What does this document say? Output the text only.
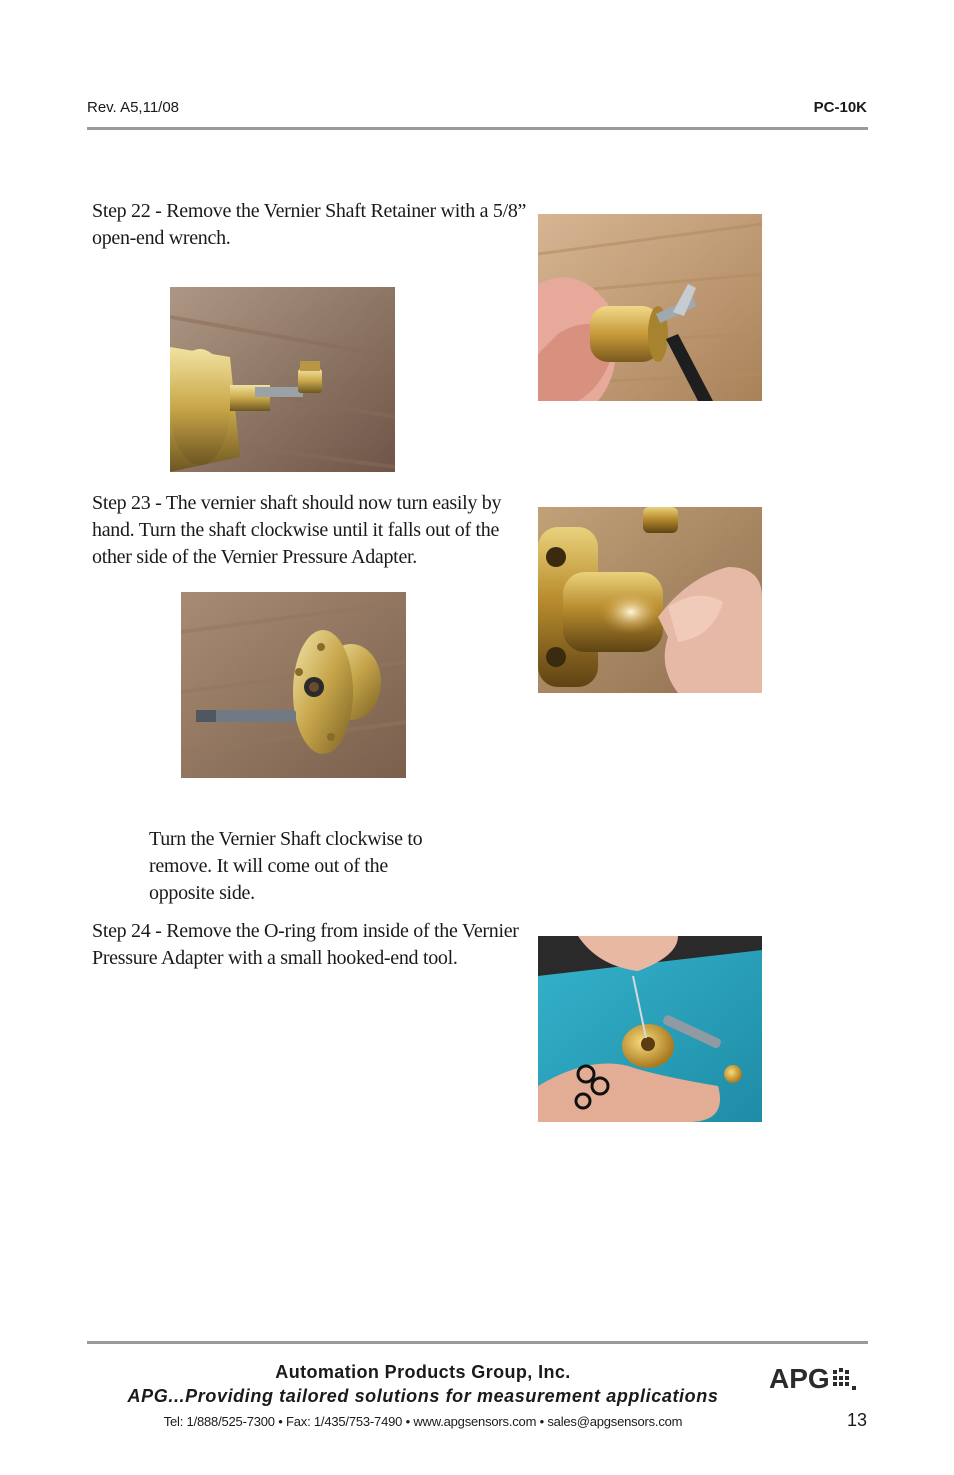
Rev. A5,11/08	PC-10K
Step 22 - Remove the Vernier Shaft Retainer with a 5/8”
open-end wrench.
Step 23 - The vernier shaft should now turn easily by
hand. Turn the shaft clockwise until it falls out of the
other side of the Vernier Pressure Adapter.
Turn the Vernier Shaft clockwise to
remove. It will come out of the
opposite side.
Step 24 - Remove the O-ring from inside of the Vernier
Pressure Adapter with a small hooked-end tool.
Automation Products Group, Inc.
APG...Providing tailored solutions for measurement applications
Tel: 1/888/525-7300 • Fax: 1/435/753-7490 • www.apgsensors.com • sales@apgsensors.com
APG
13
